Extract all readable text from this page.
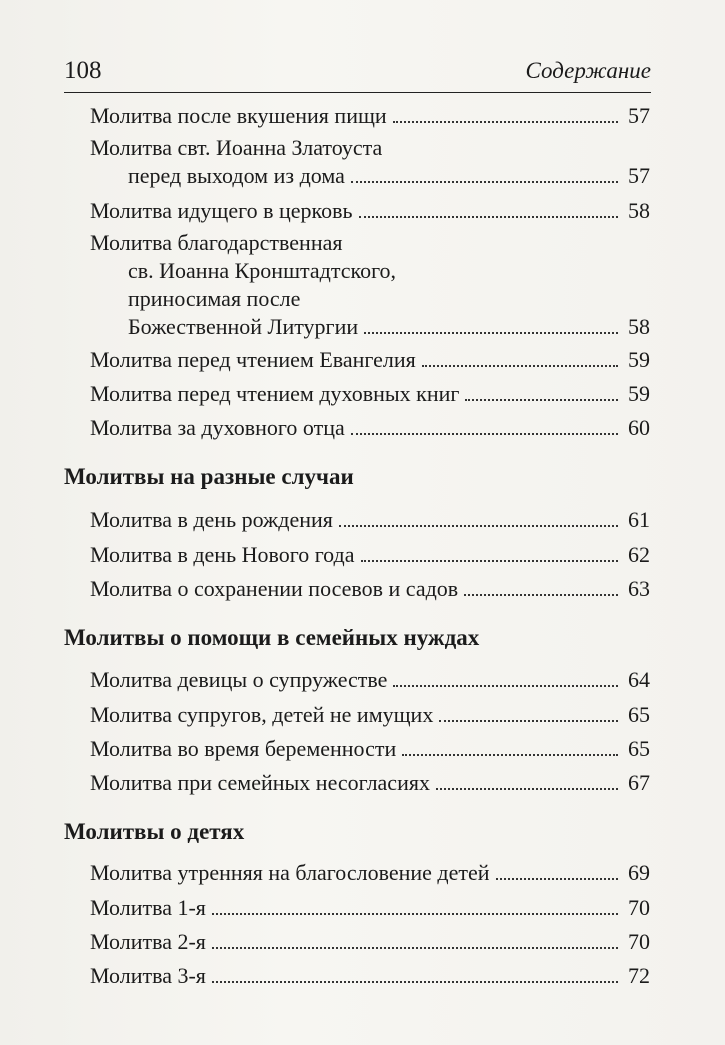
108	Содержание
Молитва после вкушения пищи	57
Молитва свт. Иоанна Златоуста
перед выходом из дома	57
Молитва идущего в церковь	58
Молитва благодарственная
св. Иоанна Кронштадтского,
приносимая после
Божественной Литургии	58
Молитва перед чтением Евангелия	59
Молитва перед чтением духовных книг	59
Молитва за духовного отца	60
Молитвы на разные случаи
Молитва в день рождения	61
Молитва в день Нового года	62
Молитва о сохранении посевов и садов	63
Молитвы о помощи в семейных нуждах
Молитва девицы о супружестве	64
Молитва супругов, детей не имущих	65
Молитва во время беременности	65
Молитва при семейных несогласиях	67
Молитвы о детях
Молитва утренняя на благословение детей	69
Молитва 1-я	70
Молитва 2-я	70
Молитва 3-я	72
